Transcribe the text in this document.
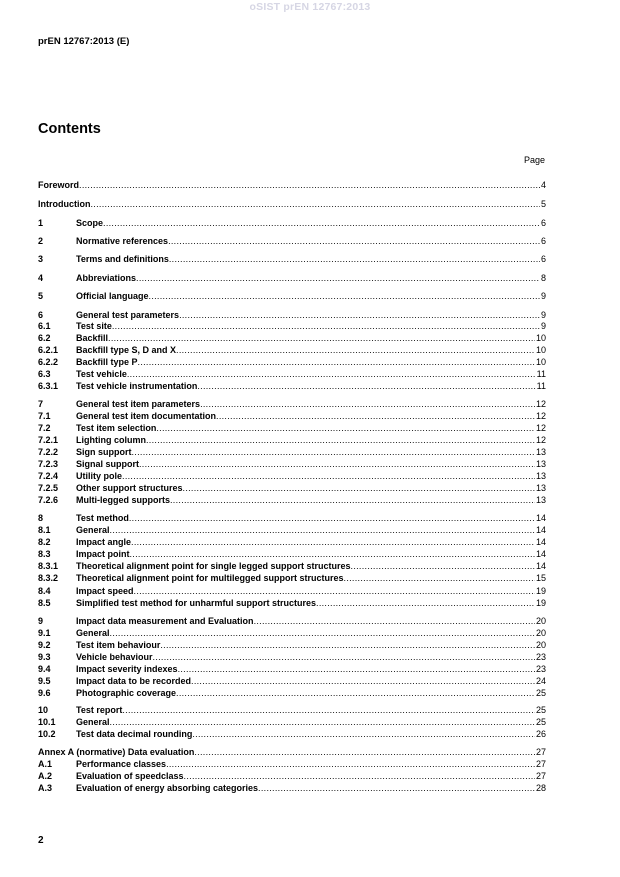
oSIST prEN 12767:2013
prEN 12767:2013 (E)
Contents
Page
Foreword .....	4
Introduction .....	5
1	Scope .....	6
2	Normative references .....	6
3	Terms and definitions .....	6
4	Abbreviations .....	8
5	Official language .....	9
6	General test parameters .....	9
6.1	Test site .....	9
6.2	Backfill .....	10
6.2.1	Backfill type S, D and X .....	10
6.2.2	Backfill type P .....	10
6.3	Test vehicle .....	11
6.3.1	Test vehicle instrumentation .....	11
7	General test item parameters .....	12
7.1	General test item documentation .....	12
7.2	Test item selection .....	12
7.2.1	Lighting column .....	12
7.2.2	Sign support .....	13
7.2.3	Signal support .....	13
7.2.4	Utility pole .....	13
7.2.5	Other support structures .....	13
7.2.6	Multi-legged supports .....	13
8	Test method .....	14
8.1	General .....	14
8.2	Impact angle .....	14
8.3	Impact point .....	14
8.3.1	Theoretical alignment point for single legged support structures .....	14
8.3.2	Theoretical alignment point for multilegged support structures .....	15
8.4	Impact speed .....	19
8.5	Simplified test method for unharmful support structures .....	19
9	Impact data measurement and Evaluation .....	20
9.1	General .....	20
9.2	Test item behaviour .....	20
9.3	Vehicle behaviour .....	23
9.4	Impact severity indexes .....	23
9.5	Impact data to be recorded .....	24
9.6	Photographic coverage .....	25
10	Test report .....	25
10.1	General .....	25
10.2	Test data decimal rounding .....	26
Annex A (normative) Data evaluation .....	27
A.1	Performance classes .....	27
A.2	Evaluation of speedclass .....	27
A.3	Evaluation of energy absorbing categories .....	28
2
